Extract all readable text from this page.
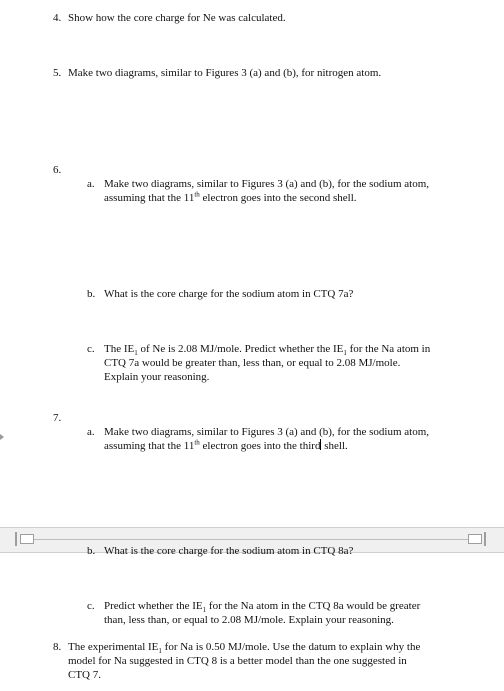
4. Show how the core charge for Ne was calculated.
5. Make two diagrams, similar to Figures 3 (a) and (b), for nitrogen atom.
6.
a. Make two diagrams, similar to Figures 3 (a) and (b), for the sodium atom,
assuming that the 11th electron goes into the second shell.
b. What is the core charge for the sodium atom in CTQ 7a?
c. The $IE_1$ of Ne is 2.08 MJ/mole. Predict whether the $IE_1$ for the Na atom in
CTQ 7a would be greater than, less than, or equal to 2.08 MJ/mole.
Explain your reasoning.
7.
a. Make two diagrams, similar to Figures 3 (a) and (b), for the sodium atom,
assuming that the 11th electron goes into the third shell.
b. What is the core charge for the sodium atom in CTQ 8a?
c. Predict whether the $IE_1$ for the Na atom in the CTQ 8a would be greater
than, less than, or equal to 2.08 MJ/mole. Explain your reasoning.
8. The experimental $IE_1$ for Na is 0.50 MJ/mole. Use the datum to explain why the
model for Na suggested in CTQ 8 is a better model than the one suggested in
CTQ 7.
